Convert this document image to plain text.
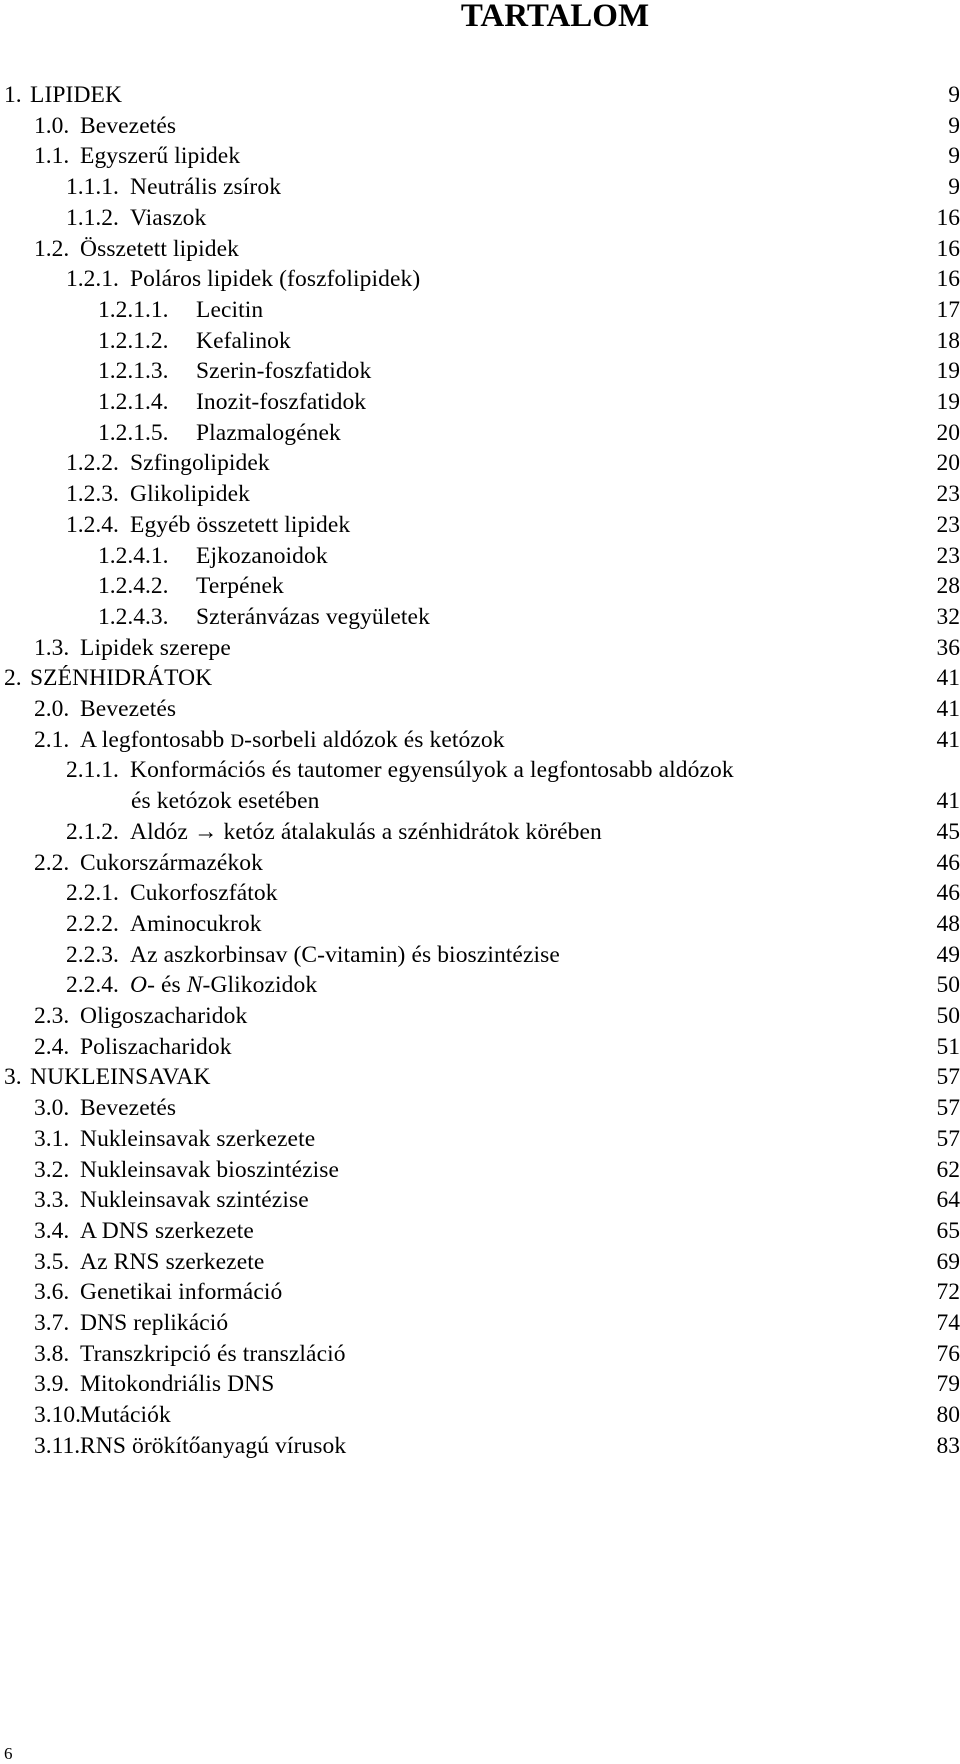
TARTALOM
1. LIPIDEK	9
1.0. Bevezetés	9
1.1. Egyszerű lipidek	9
1.1.1. Neutrális zsírok	9
1.1.2. Viaszok	16
1.2. Összetett lipidek	16
1.2.1. Poláros lipidek (foszfolipidek)	16
1.2.1.1. Lecitin	17
1.2.1.2. Kefalinok	18
1.2.1.3. Szerin-foszfatidok	19
1.2.1.4. Inozit-foszfatidok	19
1.2.1.5. Plazmalogének	20
1.2.2. Szfingolipidek	20
1.2.3. Glikolipidek	23
1.2.4. Egyéb összetett lipidek	23
1.2.4.1. Ejkozanoidok	23
1.2.4.2. Terpének	28
1.2.4.3. Szteránvázas vegyületek	32
1.3. Lipidek szerepe	36
2. SZÉNHIDRÁTOK	41
2.0. Bevezetés	41
2.1. A legfontosabb D-sorbeli aldózok és ketózok	41
2.1.1. Konformációs és tautomer egyensúlyok a legfontosabb aldózok
és ketózok esetében	41
2.1.2. Aldóz → ketóz átalakulás a szénhidrátok körében	45
2.2. Cukorszármazékok	46
2.2.1. Cukorfoszfátok	46
2.2.2. Aminocukrok	48
2.2.3. Az aszkorbinsav (C-vitamin) és bioszintézise	49
2.2.4. O- és N-Glikozidok	50
2.3. Oligoszacharidok	50
2.4. Poliszacharidok	51
3. NUKLEINSAVAK	57
3.0. Bevezetés	57
3.1. Nukleinsavak szerkezete	57
3.2. Nukleinsavak bioszintézise	62
3.3. Nukleinsavak szintézise	64
3.4. A DNS szerkezete	65
3.5. Az RNS szerkezete	69
3.6. Genetikai információ	72
3.7. DNS replikáció	74
3.8. Transzkripció és transzláció	76
3.9. Mitokondriális DNS	79
3.10. Mutációk	80
3.11. RNS örökítőanyagú vírusok	83
6
